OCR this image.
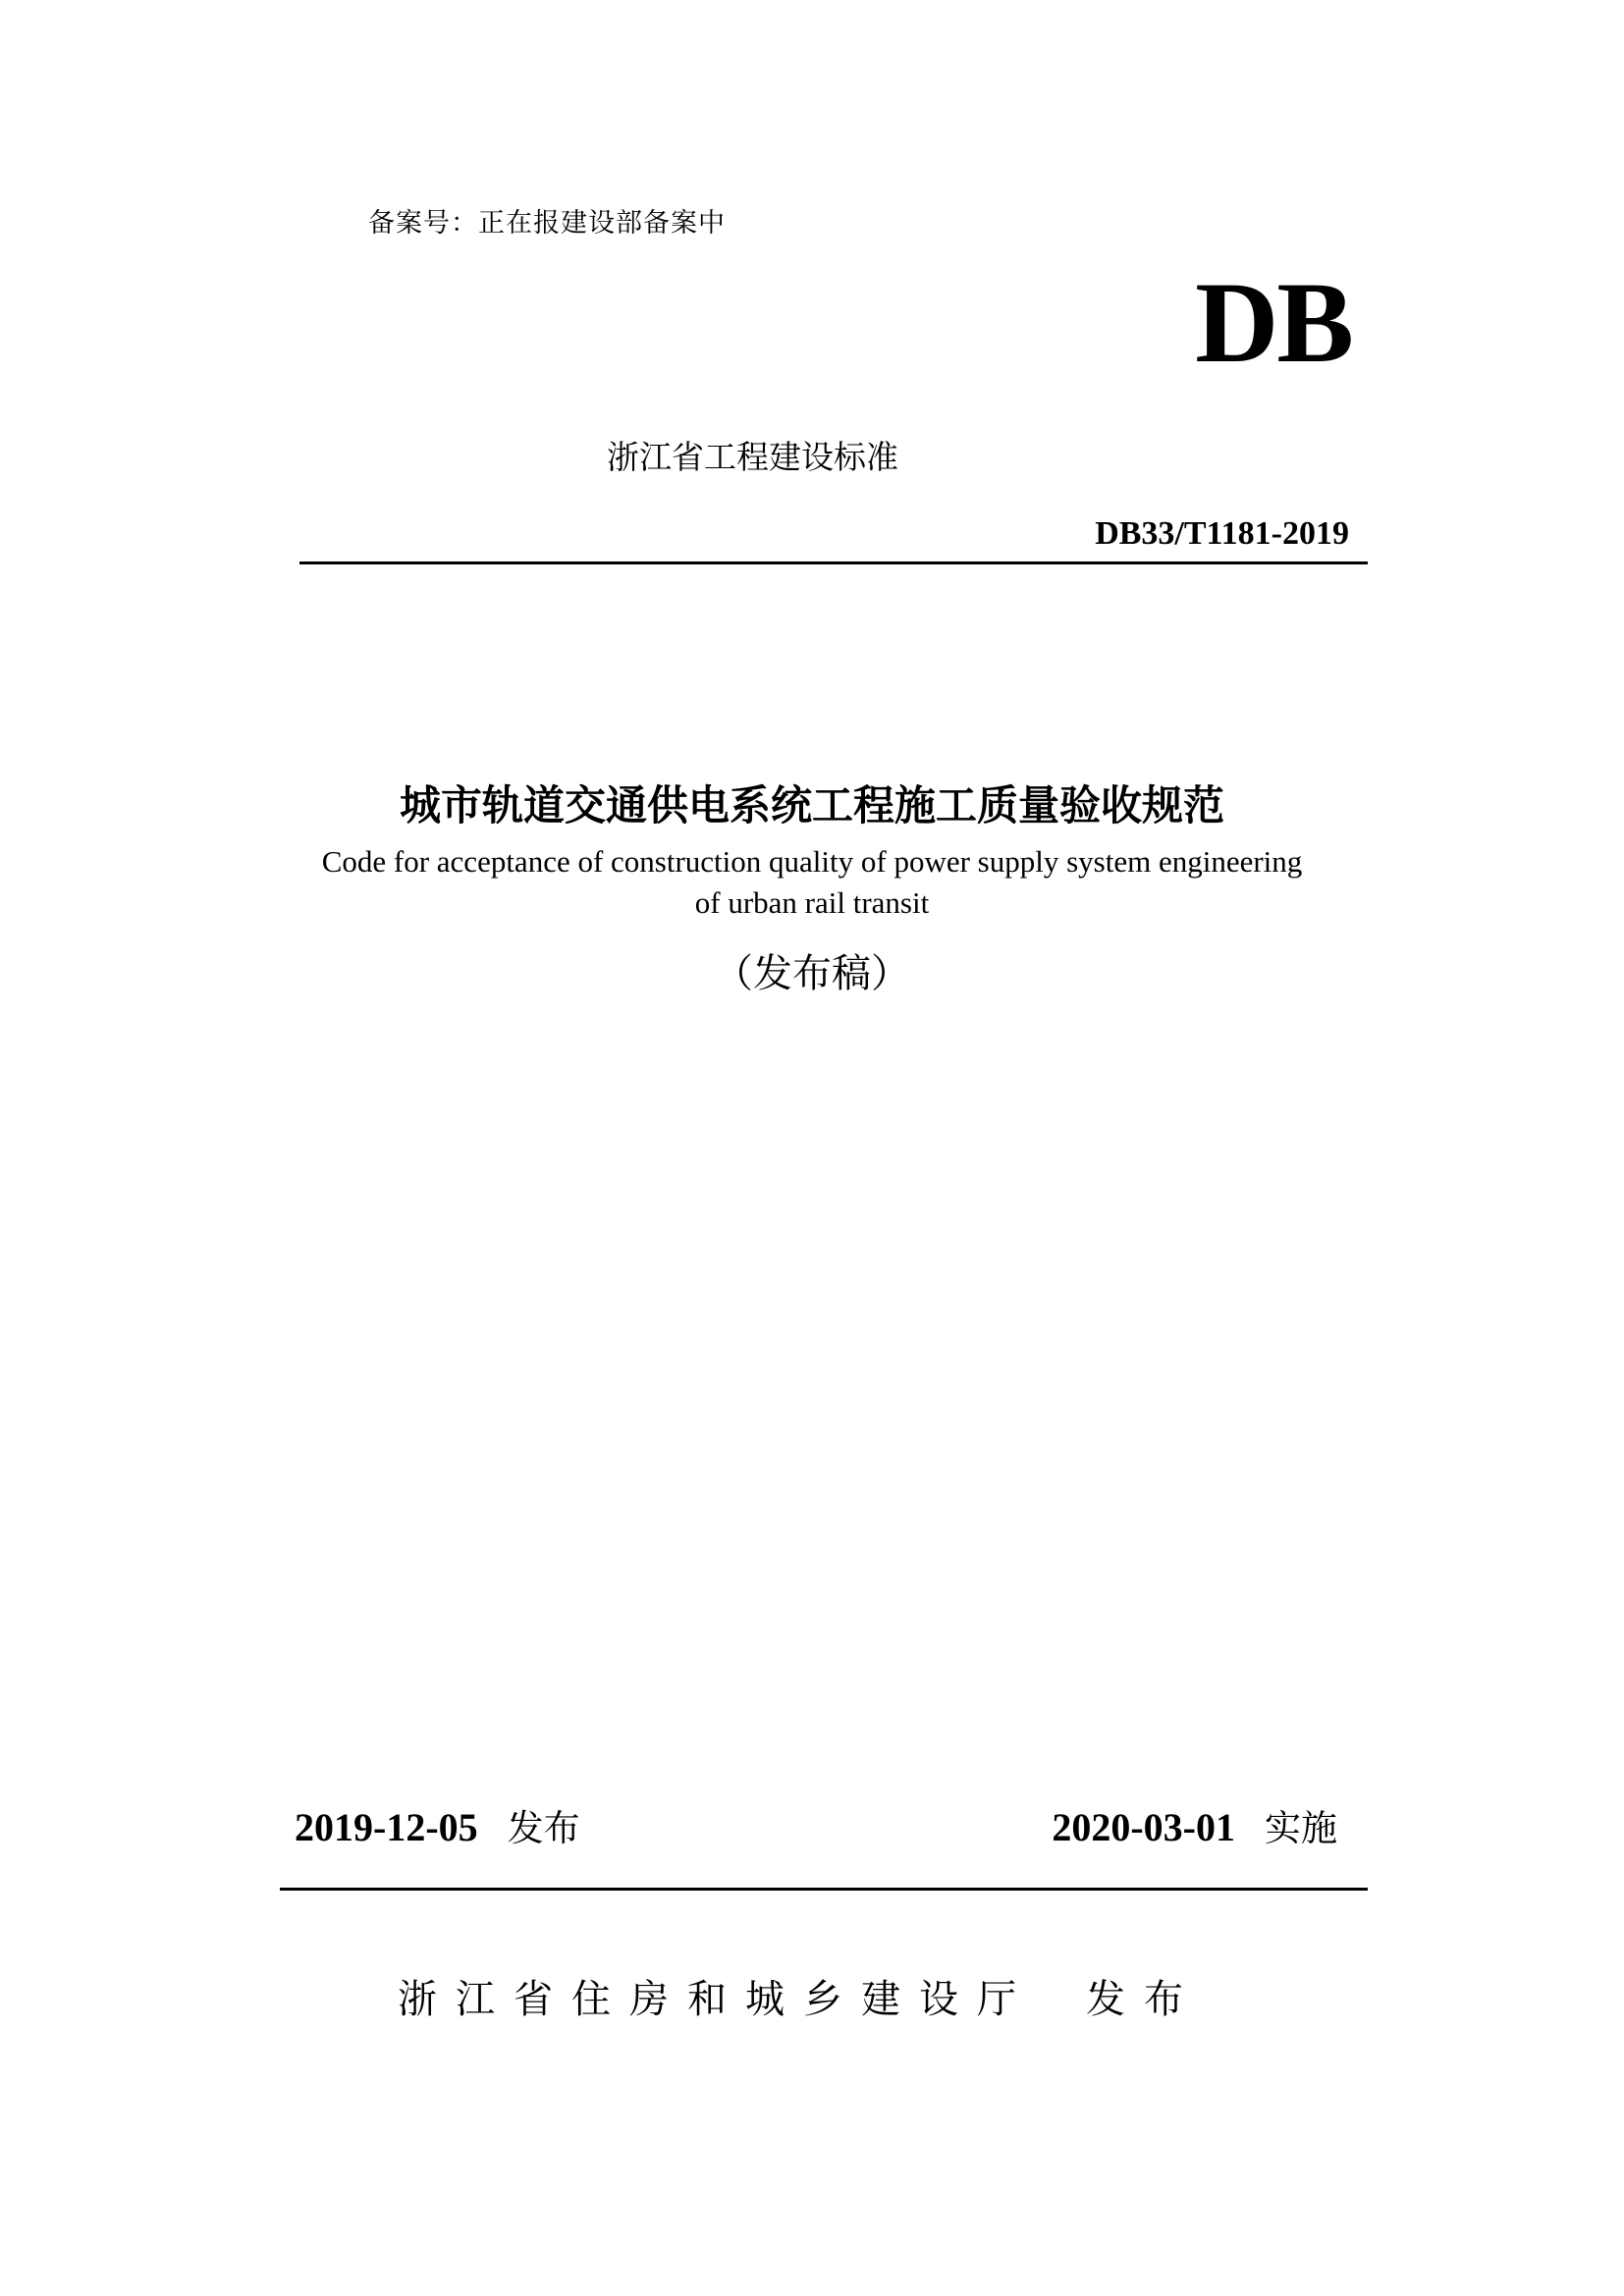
备案号：正在报建设部备案中
DB
浙江省工程建设标准
DB33/T1181-2019
城市轨道交通供电系统工程施工质量验收规范
Code for acceptance of construction quality of power supply system engineering
of urban rail transit
（发布稿）
2019-12-05 发布	2020-03-01 实施
浙江省住房和城乡建设厅 发布
